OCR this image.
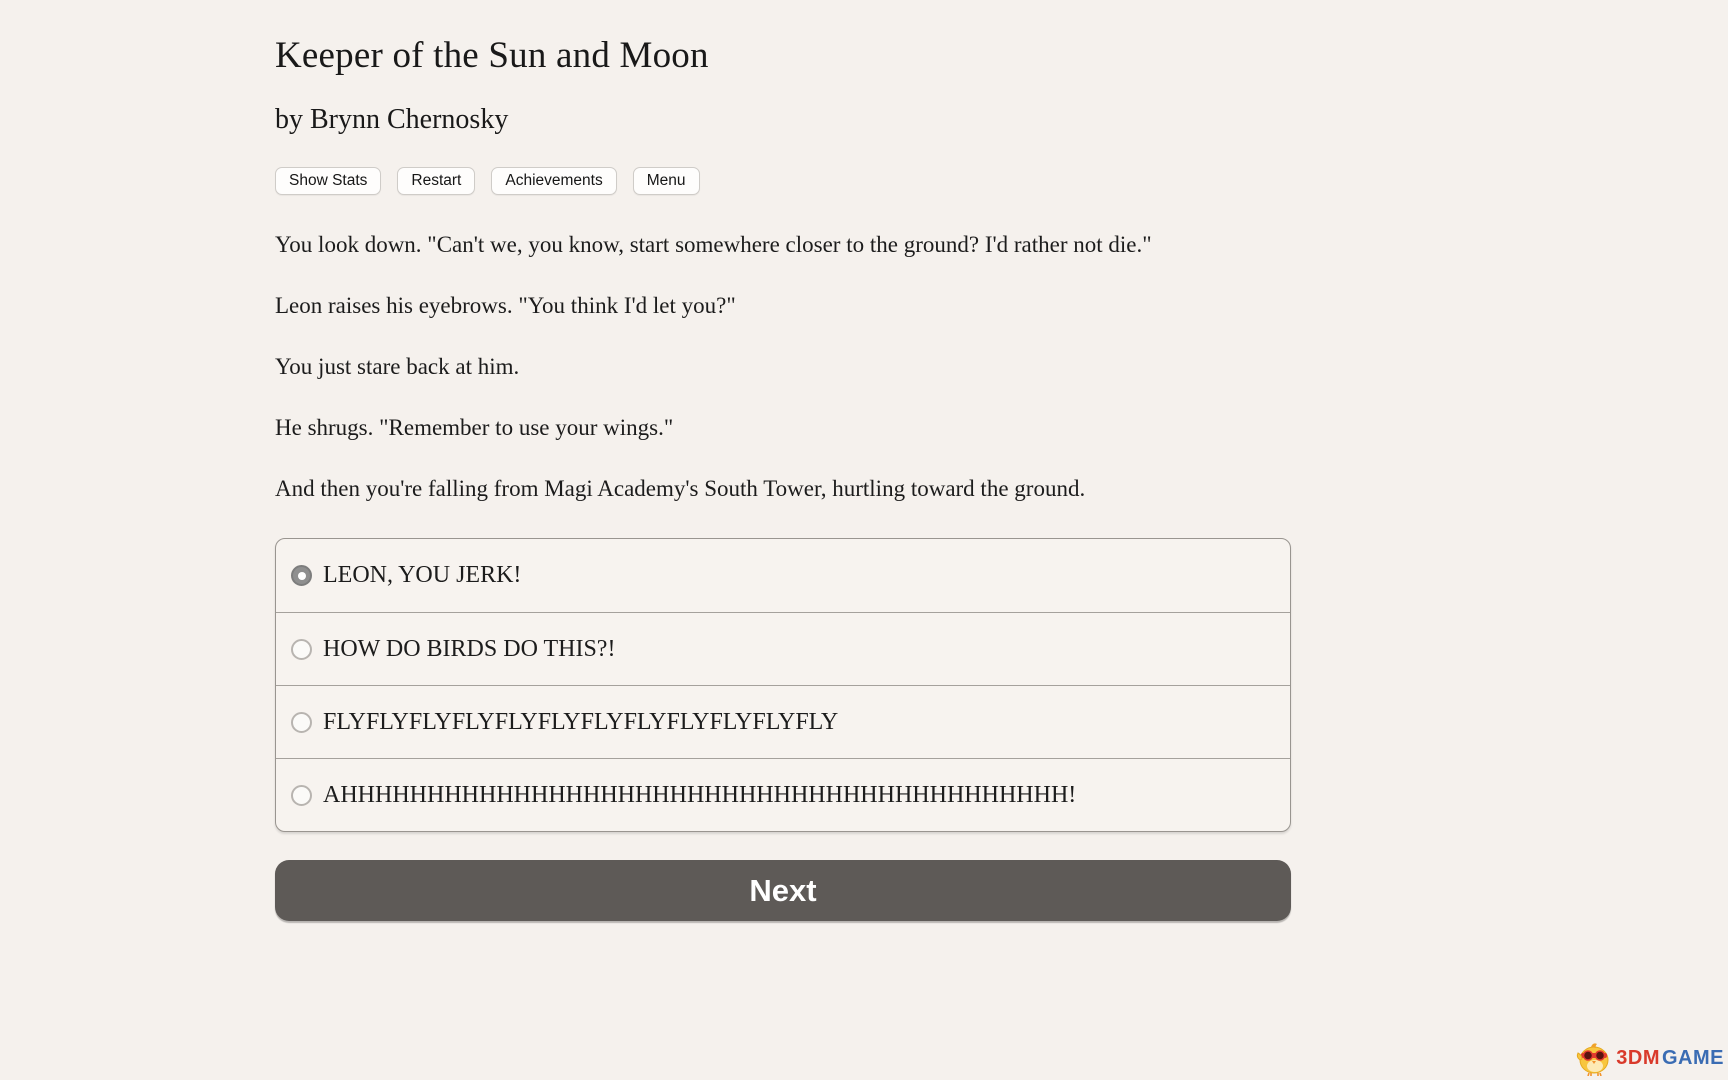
Keeper of the Sun and Moon
by Brynn Chernosky
Show Stats	Restart	Achievements	Menu

You look down. "Can't we, you know, start somewhere closer to the ground? I'd rather not die."

Leon raises his eyebrows. "You think I'd let you?"

You just stare back at him.

He shrugs. "Remember to use your wings."

And then you're falling from Magi Academy's South Tower, hurtling toward the ground.

LEON, YOU JERK!
HOW DO BIRDS DO THIS?!
FLYFLYFLYFLYFLYFLYFLYFLYFLYFLYFLYFLY
AHHHHHHHHHHHHHHHHHHHHHHHHHHHHHHHHHHHHHHHHHH!
Next
3DM GAME
